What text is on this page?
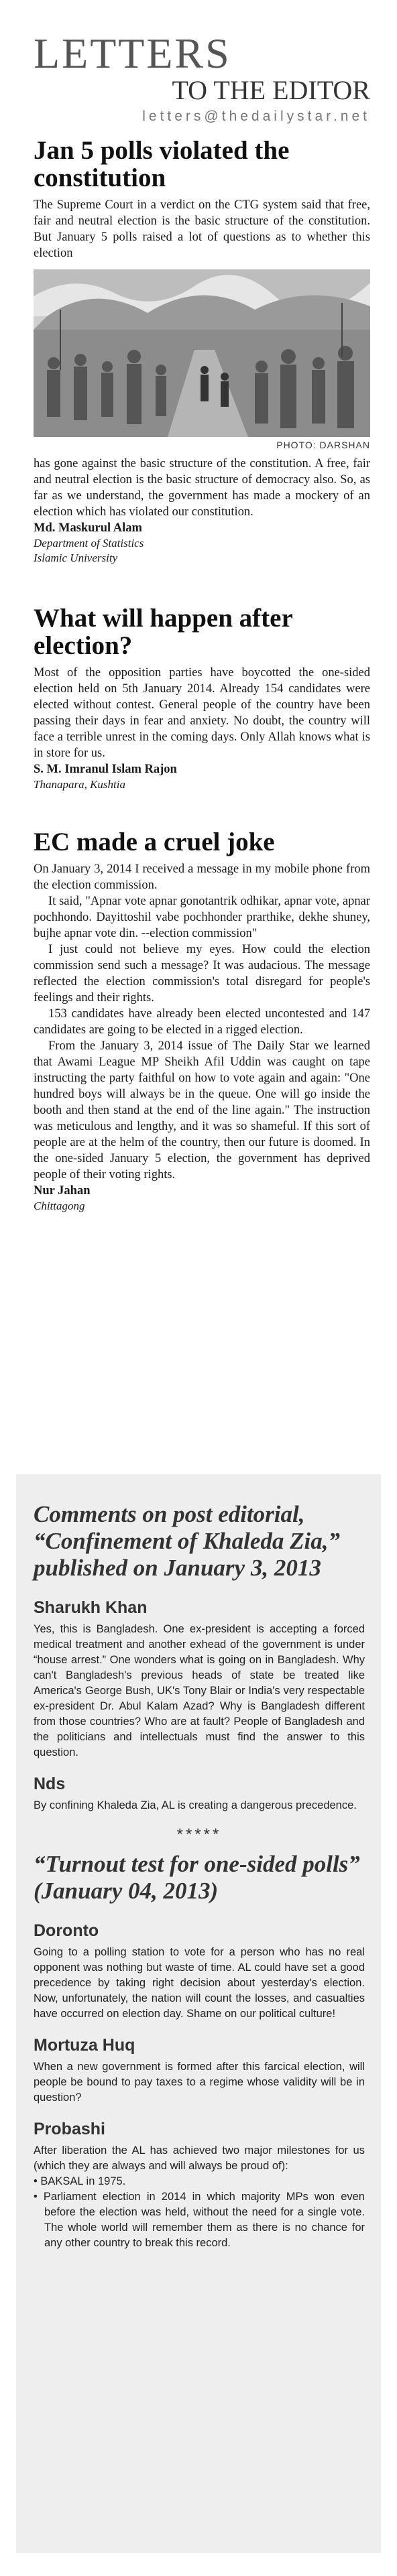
LETTERS
TO THE EDITOR
letters@thedailystar.net
Jan 5 polls violated the constitution

The Supreme Court in a verdict on the CTG system said that free, fair and neutral election is the basic structure of the constitution. But January 5 polls raised a lot of questions as to whether this election

PHOTO: DARSHAN

has gone against the basic structure of the constitution. A free, fair and neutral election is the basic structure of democracy also. So, as far as we understand, the government has made a mockery of an election which has violated our constitution.

Md. Maskurul Alam
Department of Statistics
Islamic University
What will happen after election?

Most of the opposition parties have boycotted the one-sided election held on 5th January 2014. Already 154 candidates were elected without contest. General people of the country have been passing their days in fear and anxiety. No doubt, the country will face a terrible unrest in the coming days. Only Allah knows what is in store for us.

S. M. Imranul Islam Rajon
Thanapara, Kushtia
EC made a cruel joke

On January 3, 2014 I received a message in my mobile phone from the election commission.

It said, "Apnar vote apnar gonotantrik odhikar, apnar vote, apnar pochhondo. Dayittoshil vabe pochhonder prarthike, dekhe shuney, bujhe apnar vote din. --election commission"

I just could not believe my eyes. How could the election commission send such a message? It was audacious. The message reflected the election commission's total disregard for people's feelings and their rights.

153 candidates have already been elected uncontested and 147 candidates are going to be elected in a rigged election.

From the January 3, 2014 issue of The Daily Star we learned that Awami League MP Sheikh Afil Uddin was caught on tape instructing the party faithful on how to vote again and again: "One hundred boys will always be in the queue. One will go inside the booth and then stand at the end of the line again." The instruction was meticulous and lengthy, and it was so shameful. If this sort of people are at the helm of the country, then our future is doomed. In the one-sided January 5 election, the government has deprived people of their voting rights.

Nur Jahan
Chittagong
Comments on post editorial, “Confinement of Khaleda Zia,” published on January 3, 2013
Sharukh Khan

Yes, this is Bangladesh. One ex-president is accepting a forced medical treatment and another exhead of the government is under “house arrest.” One wonders what is going on in Bangladesh. Why can't Bangladesh's previous heads of state be treated like America's George Bush, UK's Tony Blair or India's very respectable ex-president Dr. Abul Kalam Azad? Why is Bangladesh different from those countries? Who are at fault? People of Bangladesh and the politicians and intellectuals must find the answer to this question.

Nds

By confining Khaleda Zia, AL is creating a dangerous precedence.

*****
“Turnout test for one-sided polls” (January 04, 2013)
Doronto

Going to a polling station to vote for a person who has no real opponent was nothing but waste of time. AL could have set a good precedence by taking right decision about yesterday's election. Now, unfortunately, the nation will count the losses, and casualties have occurred on election day. Shame on our political culture!

Mortuza Huq

When a new government is formed after this farcical election, will people be bound to pay taxes to a regime whose validity will be in question?

Probashi

After liberation the AL has achieved two major milestones for us (which they are always and will always be proud of):

• BAKSAL in 1975.

• Parliament election in 2014 in which majority MPs won even before the election was held, without the need for a single vote. The whole world will remember them as there is no chance for any other country to break this record.
